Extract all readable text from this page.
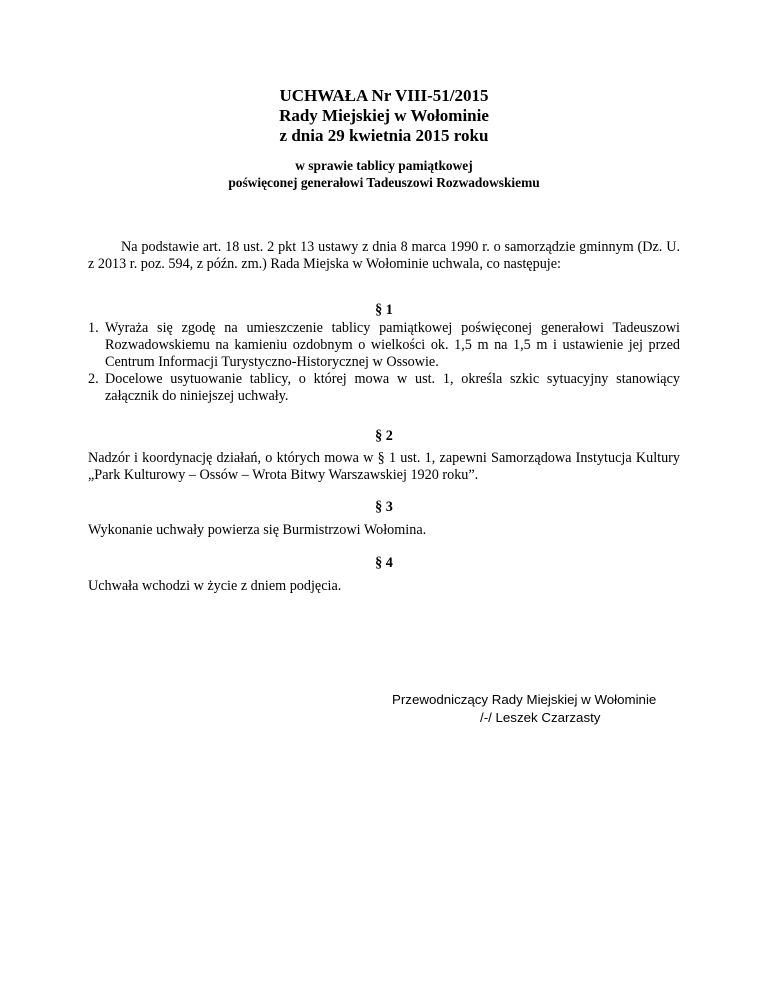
UCHWAŁA Nr VIII-51/2015
Rady Miejskiej w Wołominie
z dnia 29 kwietnia 2015 roku
w sprawie tablicy pamiątkowej
poświęconej generałowi Tadeuszowi Rozwadowskiemu

Na podstawie art. 18 ust. 2 pkt 13 ustawy z dnia 8 marca 1990 r. o samorządzie gminnym (Dz. U. z 2013 r. poz. 594, z późn. zm.) Rada Miejska w Wołominie uchwala, co następuje:

§ 1
1. Wyraża się zgodę na umieszczenie tablicy pamiątkowej poświęconej generałowi Tadeuszowi Rozwadowskiemu na kamieniu ozdobnym o wielkości ok. 1,5 m na 1,5 m i ustawienie jej przed Centrum Informacji Turystyczno-Historycznej w Ossowie.
2. Docelowe usytuowanie tablicy, o której mowa w ust. 1, określa szkic sytuacyjny stanowiący załącznik do niniejszej uchwały.
§ 2

Nadzór i koordynację działań, o których mowa w § 1 ust. 1, zapewni Samorządowa Instytucja Kultury „Park Kulturowy – Ossów – Wrota Bitwy Warszawskiej 1920 roku”.

§ 3

Wykonanie uchwały powierza się Burmistrzowi Wołomina.

§ 4

Uchwała wchodzi w życie z dniem podjęcia.

Przewodniczący Rady Miejskiej w Wołominie
/-/ Leszek Czarzasty
